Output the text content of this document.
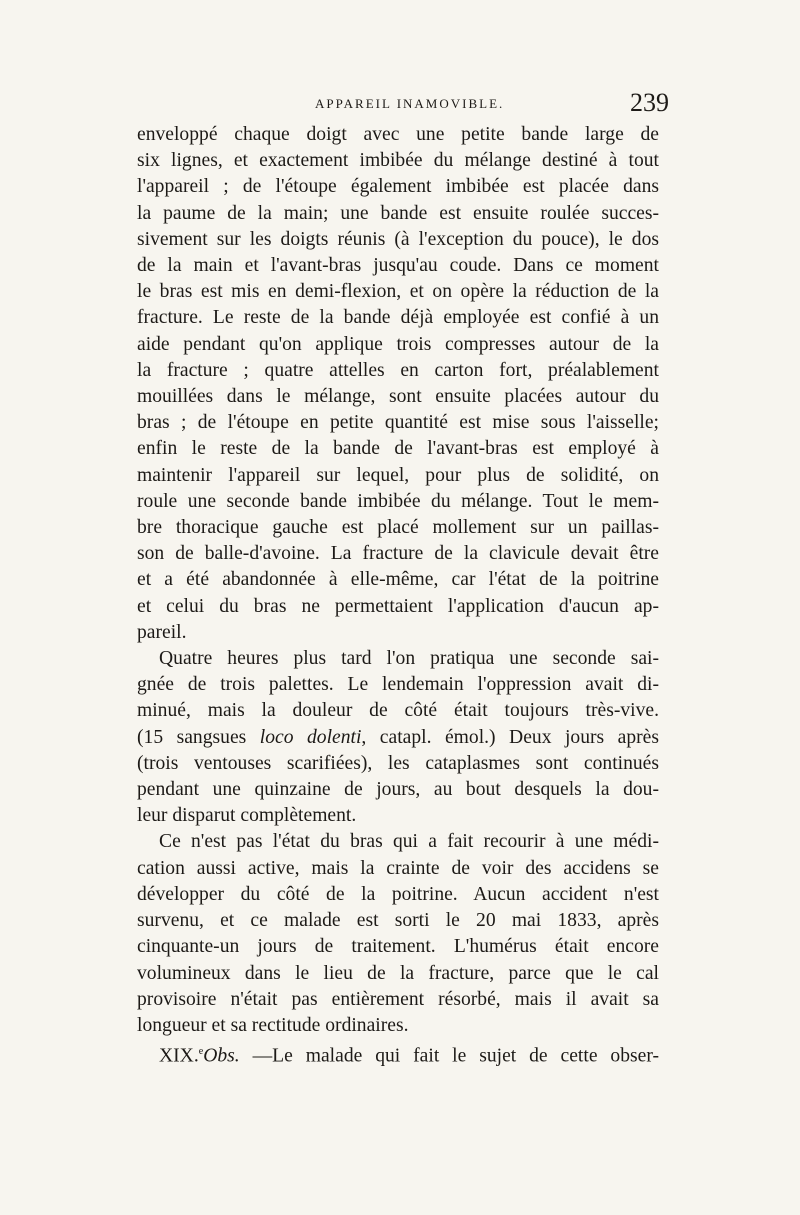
APPAREIL INAMOVIBLE.	239

enveloppé chaque doigt avec une petite bande large de
six lignes, et exactement imbibée du mélange destiné à tout
l'appareil ; de l'étoupe également imbibée est placée dans
la paume de la main; une bande est ensuite roulée succes-
sivement sur les doigts réunis (à l'exception du pouce), le dos
de la main et l'avant-bras jusqu'au coude. Dans ce moment
le bras est mis en demi-flexion, et on opère la réduction de la
fracture. Le reste de la bande déjà employée est confié à un
aide pendant qu'on applique trois compresses autour de la
la fracture ; quatre attelles en carton fort, préalablement
mouillées dans le mélange, sont ensuite placées autour du
bras ; de l'étoupe en petite quantité est mise sous l'aisselle;
enfin le reste de la bande de l'avant-bras est employé à
maintenir l'appareil sur lequel, pour plus de solidité, on
roule une seconde bande imbibée du mélange. Tout le mem-
bre thoracique gauche est placé mollement sur un paillas-
son de balle-d'avoine. La fracture de la clavicule devait être
et a été abandonnée à elle-même, car l'état de la poitrine
et celui du bras ne permettaient l'application d'aucun ap-
pareil.

Quatre heures plus tard l'on pratiqua une seconde sai-
gnée de trois palettes. Le lendemain l'oppression avait di-
minué, mais la douleur de côté était toujours très-vive.
(15 sangsues loco dolenti, catapl. émol.) Deux jours après
(trois ventouses scarifiées), les cataplasmes sont continués
pendant une quinzaine de jours, au bout desquels la dou-
leur disparut complètement.

Ce n'est pas l'état du bras qui a fait recourir à une médi-
cation aussi active, mais la crainte de voir des accidens se
développer du côté de la poitrine. Aucun accident n'est
survenu, et ce malade est sorti le 20 mai 1833, après
cinquante-un jours de traitement. L'humérus était encore
volumineux dans le lieu de la fracture, parce que le cal
provisoire n'était pas entièrement résorbé, mais il avait sa
longueur et sa rectitude ordinaires.

XIX.$^e$Obs. —Le malade qui fait le sujet de cette obser-
